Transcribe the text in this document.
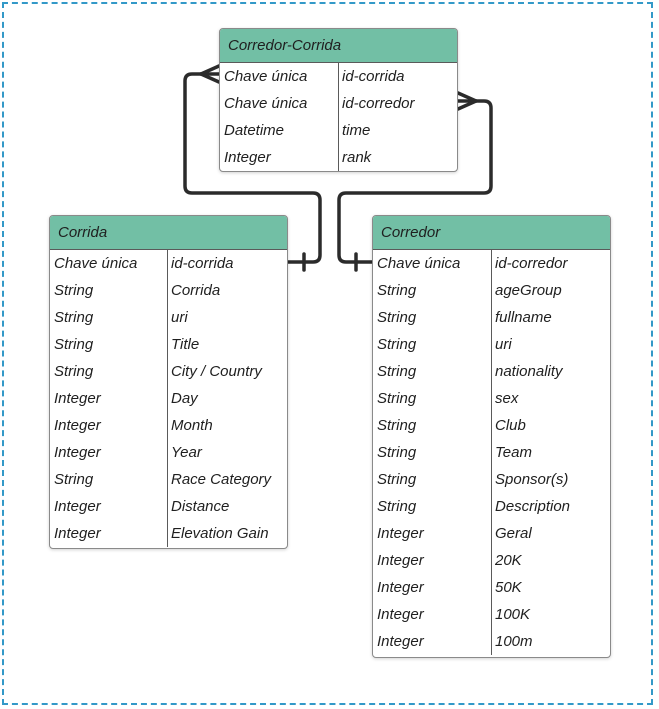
Corredor-Corrida
Chave única	id-corrida
Chave única	id-corredor
Datetime	time
Integer	rank
Corrida
Chave única	id-corrida
String	Corrida
String	uri
String	Title
String	City / Country
Integer	Day
Integer	Month
Integer	Year
String	Race Category
Integer	Distance
Integer	Elevation Gain
Corredor
Chave única	id-corredor
String	ageGroup
String	fullname
String	uri
String	nationality
String	sex
String	Club
String	Team
String	Sponsor(s)
String	Description
Integer	Geral
Integer	20K
Integer	50K
Integer	100K
Integer	100m
